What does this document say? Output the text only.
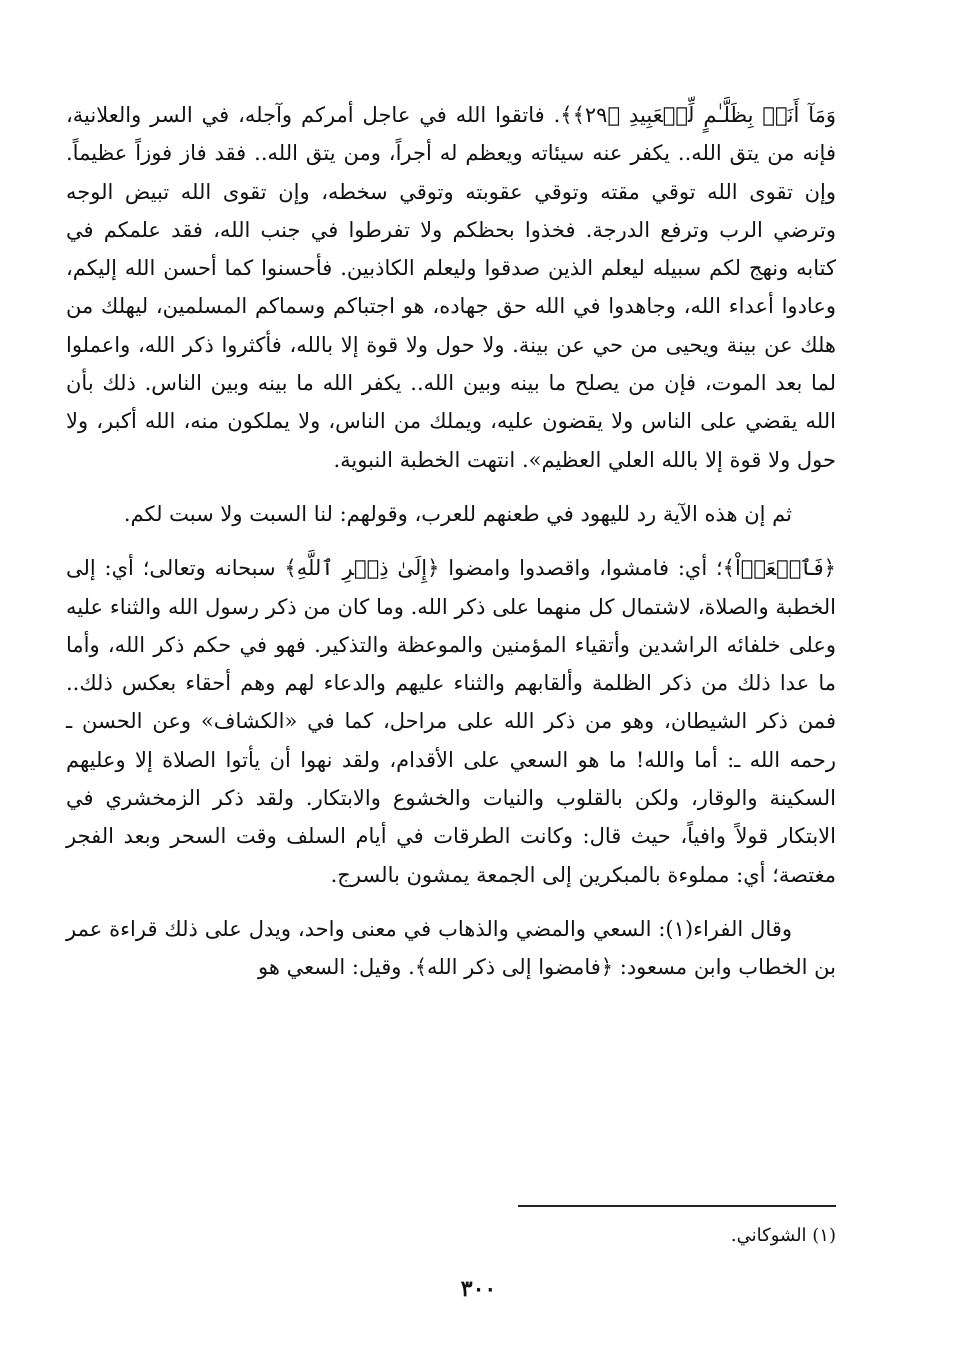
وَمَآ أَنَا۠ بِظَلَّـٰمٍ لِّلۡعَبِيدِ ﴿٢٩﴾﴾. فاتقوا الله في عاجل أمركم وآجله، في السر والعلانية، فإنه من يتق الله.. يكفر عنه سيئاته ويعظم له أجراً، ومن يتق الله.. فقد فاز فوزاً عظيماً. وإن تقوى الله توقي مقته وتوقي عقوبته وتوقي سخطه، وإن تقوى الله تبيض الوجه وترضي الرب وترفع الدرجة. فخذوا بحظكم ولا تفرطوا في جنب الله، فقد علمكم في كتابه ونهج لكم سبيله ليعلم الذين صدقوا وليعلم الكاذبين. فأحسنوا كما أحسن الله إليكم، وعادوا أعداء الله، وجاهدوا في الله حق جهاده، هو اجتباكم وسماكم المسلمين، ليهلك من هلك عن بينة ويحيى من حي عن بينة. ولا حول ولا قوة إلا بالله، فأكثروا ذكر الله، واعملوا لما بعد الموت، فإن من يصلح ما بينه وبين الله.. يكفر الله ما بينه وبين الناس. ذلك بأن الله يقضي على الناس ولا يقضون عليه، ويملك من الناس، ولا يملكون منه، الله أكبر، ولا حول ولا قوة إلا بالله العلي العظيم». انتهت الخطبة النبوية.

ثم إن هذه الآية رد لليهود في طعنهم للعرب، وقولهم: لنا السبت ولا سبت لكم.

﴿فَٱسۡعَوۡاْ﴾؛ أي: فامشوا، واقصدوا وامضوا ﴿إِلَىٰ ذِكۡرِ ٱللَّهِ﴾ سبحانه وتعالى؛ أي: إلى الخطبة والصلاة، لاشتمال كل منهما على ذكر الله. وما كان من ذكر رسول الله والثناء عليه وعلى خلفائه الراشدين وأتقياء المؤمنين والموعظة والتذكير. فهو في حكم ذكر الله، وأما ما عدا ذلك من ذكر الظلمة وألقابهم والثناء عليهم والدعاء لهم وهم أحقاء بعكس ذلك.. فمن ذكر الشيطان، وهو من ذكر الله على مراحل، كما في «الكشاف» وعن الحسن ـ رحمه الله ـ: أما والله! ما هو السعي على الأقدام، ولقد نهوا أن يأتوا الصلاة إلا وعليهم السكينة والوقار، ولكن بالقلوب والنيات والخشوع والابتكار. ولقد ذكر الزمخشري في الابتكار قولاً وافياً، حيث قال: وكانت الطرقات في أيام السلف وقت السحر وبعد الفجر مغتصة؛ أي: مملوءة بالمبكرين إلى الجمعة يمشون بالسرج.

وقال الفراء(١): السعي والمضي والذهاب في معنى واحد، ويدل على ذلك قراءة عمر بن الخطاب وابن مسعود: ﴿فامضوا إلى ذكر الله﴾. وقيل: السعي هو

(١) الشوكاني.
٣٠٠
